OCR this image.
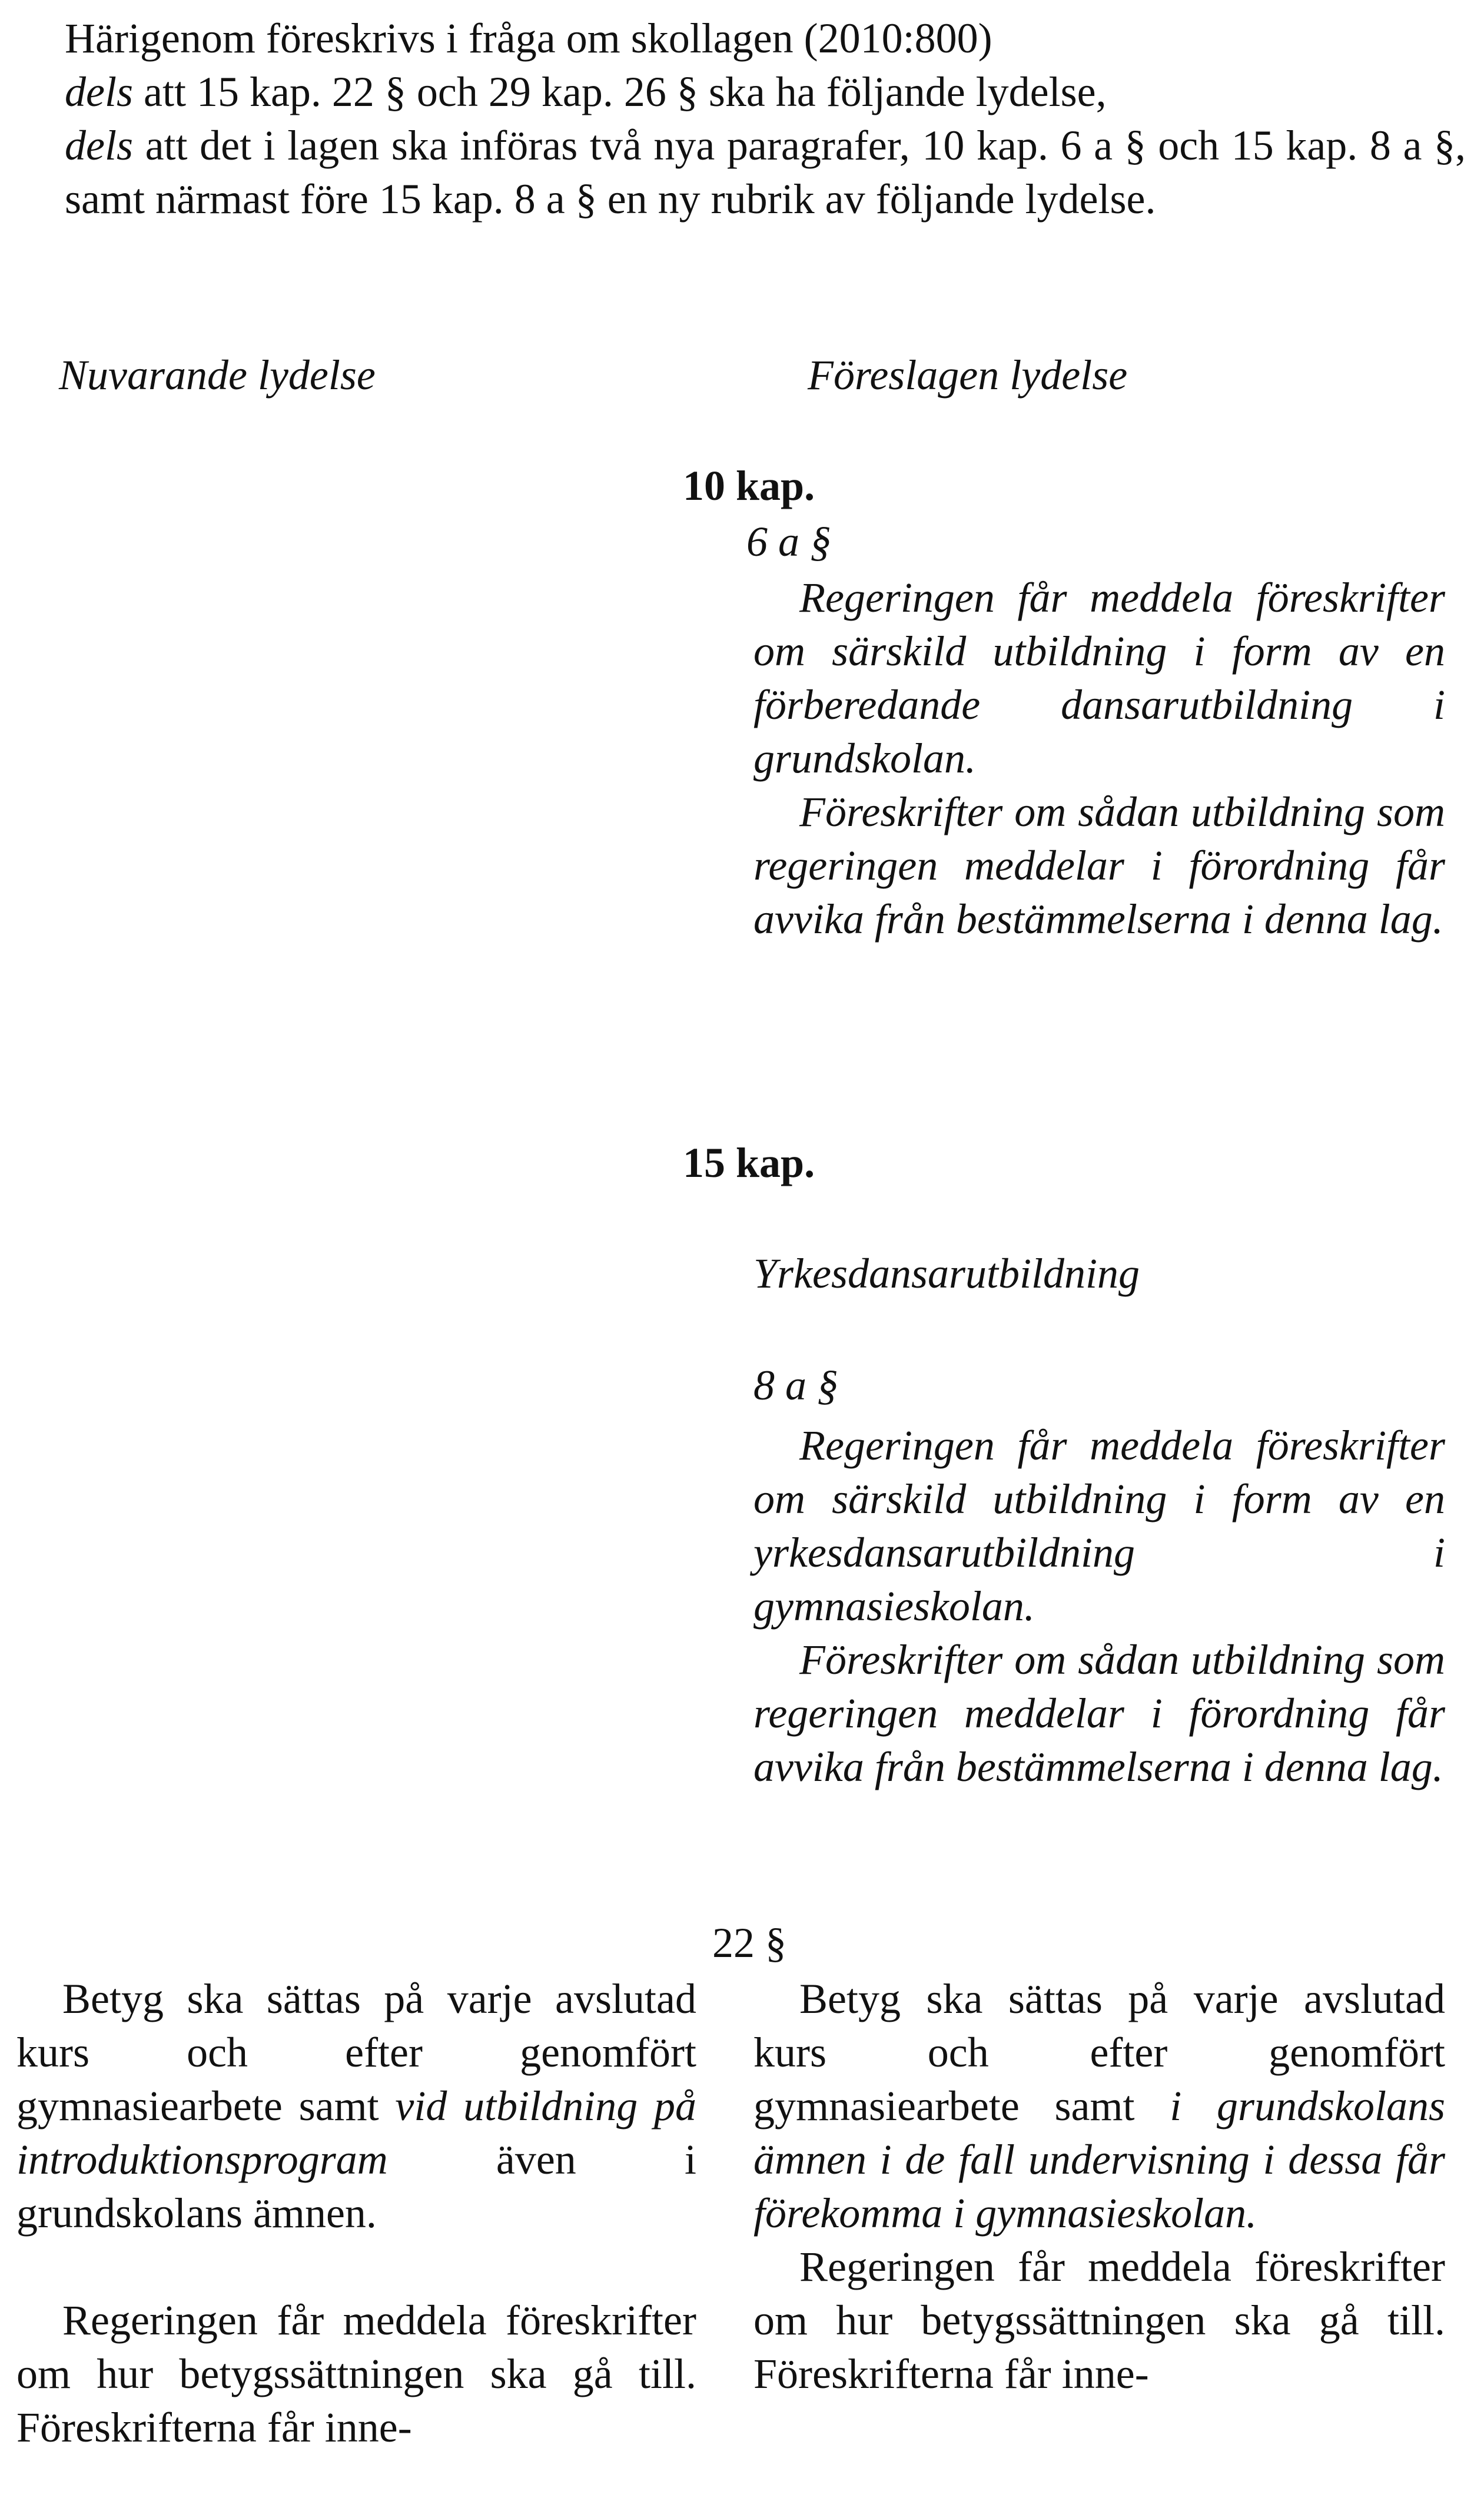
Härigenom föreskrivs i fråga om skollagen (2010:800)

dels att 15 kap. 22 § och 29 kap. 26 § ska ha följande lydelse,

dels att det i lagen ska införas två nya paragrafer, 10 kap. 6 a § och 15 kap. 8 a §, samt närmast före 15 kap. 8 a § en ny rubrik av följande lydelse.

Nuvarande lydelse	Föreslagen lydelse
10 kap.
6 a §

Regeringen får meddela föreskrifter om särskild utbildning i form av en förberedande dansarutbildning i grundskolan.

Föreskrifter om sådan utbildning som regeringen meddelar i förordning får avvika från bestämmelserna i denna lag.

15 kap.
Yrkesdansarutbildning
8 a §

Regeringen får meddela föreskrifter om särskild utbildning i form av en yrkesdansarutbildning i gymnasieskolan.

Föreskrifter om sådan utbildning som regeringen meddelar i förordning får avvika från bestämmelserna i denna lag.

22 §

Betyg ska sättas på varje avslutad kurs och efter genomfört gymnasiearbete samt vid utbildning på introduktionsprogram även i grundskolans ämnen.

Regeringen får meddela föreskrifter om hur betygssättningen ska gå till. Föreskrifterna får inne-

Betyg ska sättas på varje avslutad kurs och efter genomfört gymnasiearbete samt i grundskolans ämnen i de fall undervisning i dessa får förekomma i gymnasieskolan.

Regeringen får meddela föreskrifter om hur betygssättningen ska gå till. Föreskrifterna får inne-
